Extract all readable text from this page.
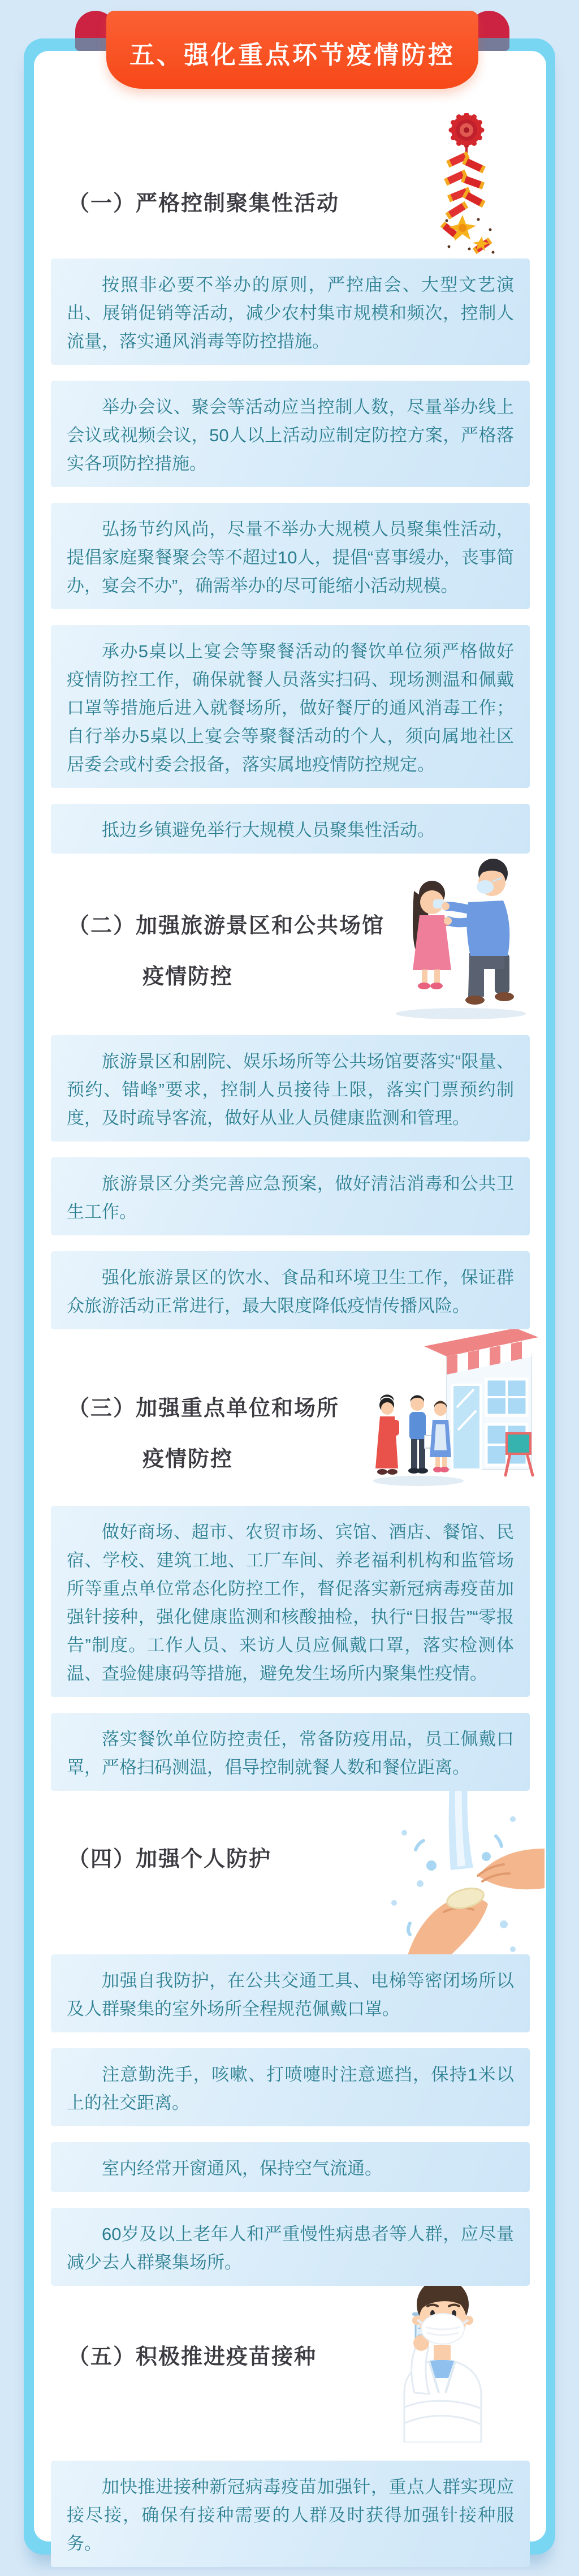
五、强化重点环节疫情防控
（一）严格控制聚集性活动
（二）加强旅游景区和公共场馆
疫情防控
（三）加强重点单位和场所
疫情防控
（四）加强个人防护
（五）积极推进疫苗接种

按照非必要不举办的原则，严控庙会、大型文艺演出、展销促销等活动，减少农村集市规模和频次，控制人流量，落实通风消毒等防控措施。

举办会议、聚会等活动应当控制人数，尽量举办线上会议或视频会议，50人以上活动应制定防控方案，严格落实各项防控措施。

弘扬节约风尚，尽量不举办大规模人员聚集性活动，提倡家庭聚餐聚会等不超过10人，提倡“喜事缓办，丧事简办，宴会不办”，确需举办的尽可能缩小活动规模。

承办5桌以上宴会等聚餐活动的餐饮单位须严格做好疫情防控工作，确保就餐人员落实扫码、现场测温和佩戴口罩等措施后进入就餐场所，做好餐厅的通风消毒工作；自行举办5桌以上宴会等聚餐活动的个人，须向属地社区居委会或村委会报备，落实属地疫情防控规定。

抵边乡镇避免举行大规模人员聚集性活动。

旅游景区和剧院、娱乐场所等公共场馆要落实“限量、预约、错峰”要求，控制人员接待上限，落实门票预约制度，及时疏导客流，做好从业人员健康监测和管理。

旅游景区分类完善应急预案，做好清洁消毒和公共卫生工作。

强化旅游景区的饮水、食品和环境卫生工作，保证群众旅游活动正常进行，最大限度降低疫情传播风险。

做好商场、超市、农贸市场、宾馆、酒店、餐馆、民宿、学校、建筑工地、工厂车间、养老福利机构和监管场所等重点单位常态化防控工作，督促落实新冠病毒疫苗加强针接种，强化健康监测和核酸抽检，执行“日报告”“零报告”制度。工作人员、来访人员应佩戴口罩，落实检测体温、查验健康码等措施，避免发生场所内聚集性疫情。

落实餐饮单位防控责任，常备防疫用品，员工佩戴口罩，严格扫码测温，倡导控制就餐人数和餐位距离。

加强自我防护，在公共交通工具、电梯等密闭场所以及人群聚集的室外场所全程规范佩戴口罩。

注意勤洗手，咳嗽、打喷嚏时注意遮挡，保持1米以上的社交距离。

室内经常开窗通风，保持空气流通。

60岁及以上老年人和严重慢性病患者等人群，应尽量减少去人群聚集场所。

加快推进接种新冠病毒疫苗加强针，重点人群实现应接尽接，确保有接种需要的人群及时获得加强针接种服务。
